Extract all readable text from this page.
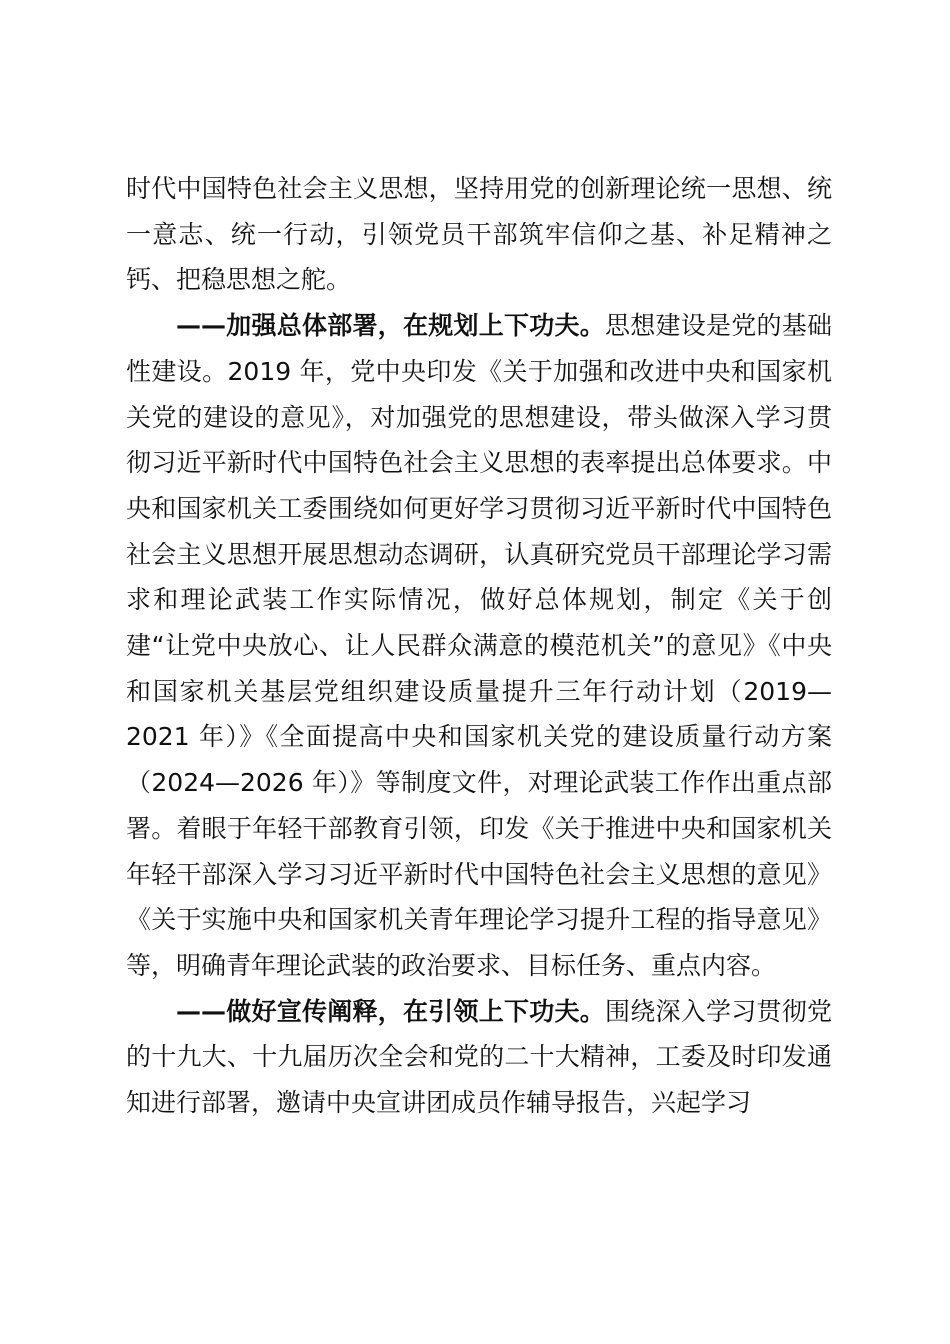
时代中国特色社会主义思想，坚持用党的创新理论统一思想、统一意志、统一行动，引领党员干部筑牢信仰之基、补足精神之钙、把稳思想之舵。

——加强总体部署，在规划上下功夫。思想建设是党的基础性建设。2019 年，党中央印发《关于加强和改进中央和国家机关党的建设的意见》，对加强党的思想建设，带头做深入学习贯彻习近平新时代中国特色社会主义思想的表率提出总体要求。中央和国家机关工委围绕如何更好学习贯彻习近平新时代中国特色社会主义思想开展思想动态调研，认真研究党员干部理论学习需求和理论武装工作实际情况，做好总体规划，制定《关于创建“让党中央放心、让人民群众满意的模范机关”的意见》《中央和国家机关基层党组织建设质量提升三年行动计划（2019—2021 年）》《全面提高中央和国家机关党的建设质量行动方案（2024—2026 年）》等制度文件，对理论武装工作作出重点部署。着眼于年轻干部教育引领，印发《关于推进中央和国家机关年轻干部深入学习习近平新时代中国特色社会主义思想的意见》《关于实施中央和国家机关青年理论学习提升工程的指导意见》等，明确青年理论武装的政治要求、目标任务、重点内容。

——做好宣传阐释，在引领上下功夫。围绕深入学习贯彻党的十九大、十九届历次全会和党的二十大精神，工委及时印发通知进行部署，邀请中央宣讲团成员作辅导报告，兴起学习
